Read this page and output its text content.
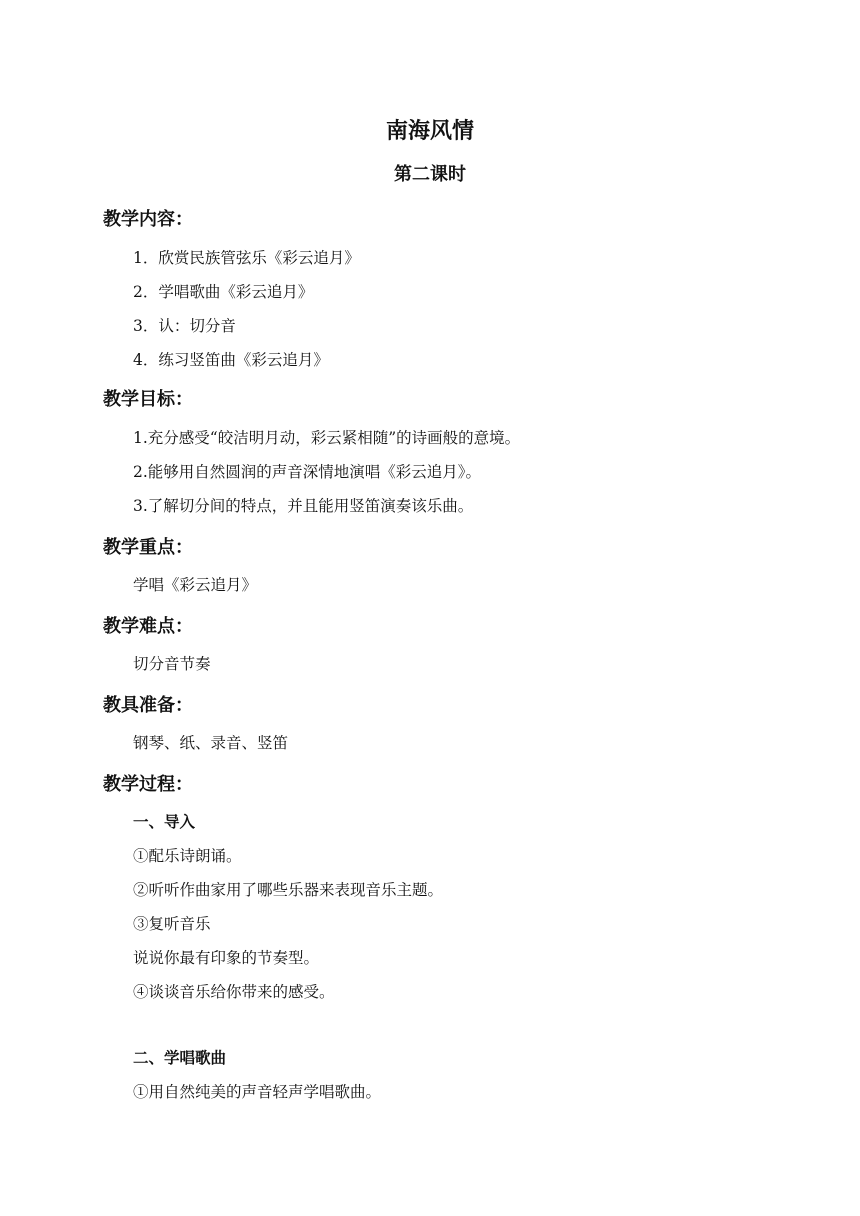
南海风情
第二课时
教学内容：
1．欣赏民族管弦乐《彩云追月》
2．学唱歌曲《彩云追月》
3．认：切分音
4．练习竖笛曲《彩云追月》
教学目标：
1.充分感受“皎洁明月动，彩云紧相随”的诗画般的意境。
2.能够用自然圆润的声音深情地演唱《彩云追月》。
3.了解切分间的特点，并且能用竖笛演奏该乐曲。
教学重点：
学唱《彩云追月》
教学难点：
切分音节奏
教具准备：
钢琴、纸、录音、竖笛
教学过程：
一、导入
①配乐诗朗诵。
②听听作曲家用了哪些乐器来表现音乐主题。
③复听音乐
说说你最有印象的节奏型。
④谈谈音乐给你带来的感受。
二、学唱歌曲
①用自然纯美的声音轻声学唱歌曲。
